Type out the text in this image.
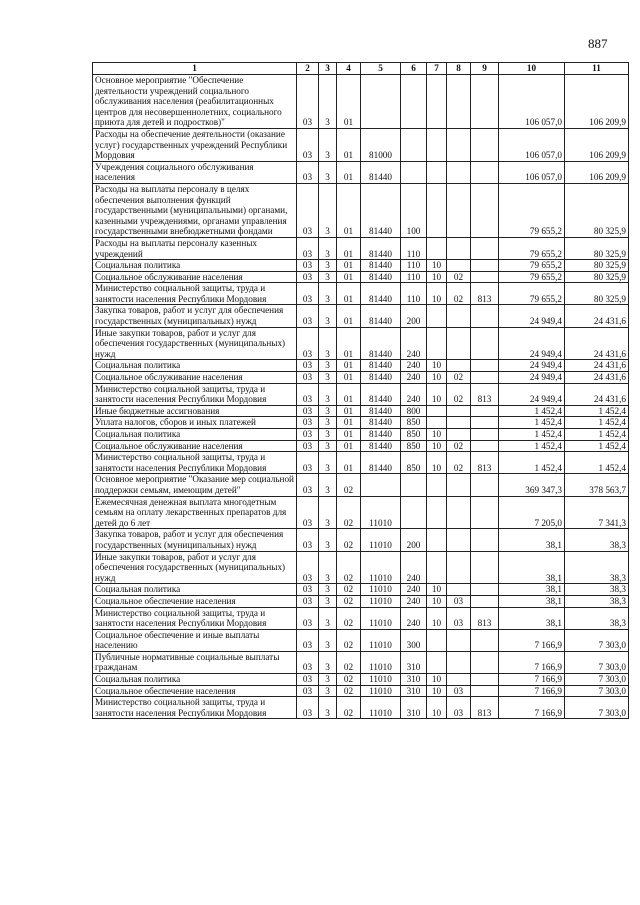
887
1	2	3	4	5	6	7	8	9	10	11
Основное мероприятие "Обеспечение деятельности учреждений социального обслуживания населения (реабилитационных центров для несовершеннолетних, социального приюта для детей и подростков)"	03	3	01						106 057,0	106 209,9
Расходы на обеспечение деятельности (оказание услуг) государственных учреждений Республики Мордовия	03	3	01	81000					106 057,0	106 209,9
Учреждения социального обслуживания населения	03	3	01	81440					106 057,0	106 209,9
Расходы на выплаты персоналу в целях обеспечения выполнения функций государственными (муниципальными) органами, казенными учреждениями, органами управления государственными внебюджетными фондами	03	3	01	81440	100				79 655,2	80 325,9
Расходы на выплаты персоналу казенных учреждений	03	3	01	81440	110				79 655,2	80 325,9
Социальная политика	03	3	01	81440	110	10			79 655,2	80 325,9
Социальное обслуживание населения	03	3	01	81440	110	10	02		79 655,2	80 325,9
Министерство социальной защиты, труда и занятости населения Республики Мордовия	03	3	01	81440	110	10	02	813	79 655,2	80 325,9
Закупка товаров, работ и услуг для обеспечения государственных (муниципальных) нужд	03	3	01	81440	200				24 949,4	24 431,6
Иные закупки товаров, работ и услуг для обеспечения государственных (муниципальных) нужд	03	3	01	81440	240				24 949,4	24 431,6
Социальная политика	03	3	01	81440	240	10			24 949,4	24 431,6
Социальное обслуживание населения	03	3	01	81440	240	10	02		24 949,4	24 431,6
Министерство социальной защиты, труда и занятости населения Республики Мордовия	03	3	01	81440	240	10	02	813	24 949,4	24 431,6
Иные бюджетные ассигнования	03	3	01	81440	800				1 452,4	1 452,4
Уплата налогов, сборов и иных платежей	03	3	01	81440	850				1 452,4	1 452,4
Социальная политика	03	3	01	81440	850	10			1 452,4	1 452,4
Социальное обслуживание населения	03	3	01	81440	850	10	02		1 452,4	1 452,4
Министерство социальной защиты, труда и занятости населения Республики Мордовия	03	3	01	81440	850	10	02	813	1 452,4	1 452,4
Основное мероприятие "Оказание мер социальной поддержки семьям, имеющим детей"	03	3	02						369 347,3	378 563,7
Ежемесячная денежная выплата многодетным семьям на оплату лекарственных препаратов для детей до 6 лет	03	3	02	11010					7 205,0	7 341,3
Закупка товаров, работ и услуг для обеспечения государственных (муниципальных) нужд	03	3	02	11010	200				38,1	38,3
Иные закупки товаров, работ и услуг для обеспечения государственных (муниципальных) нужд	03	3	02	11010	240				38,1	38,3
Социальная политика	03	3	02	11010	240	10			38,1	38,3
Социальное обеспечение населения	03	3	02	11010	240	10	03		38,1	38,3
Министерство социальной защиты, труда и занятости населения Республики Мордовия	03	3	02	11010	240	10	03	813	38,1	38,3
Социальное обеспечение и иные выплаты населению	03	3	02	11010	300				7 166,9	7 303,0
Публичные нормативные социальные выплаты гражданам	03	3	02	11010	310				7 166,9	7 303,0
Социальная политика	03	3	02	11010	310	10			7 166,9	7 303,0
Социальное обеспечение населения	03	3	02	11010	310	10	03		7 166,9	7 303,0
Министерство социальной защиты, труда и занятости населения Республики Мордовия	03	3	02	11010	310	10	03	813	7 166,9	7 303,0
